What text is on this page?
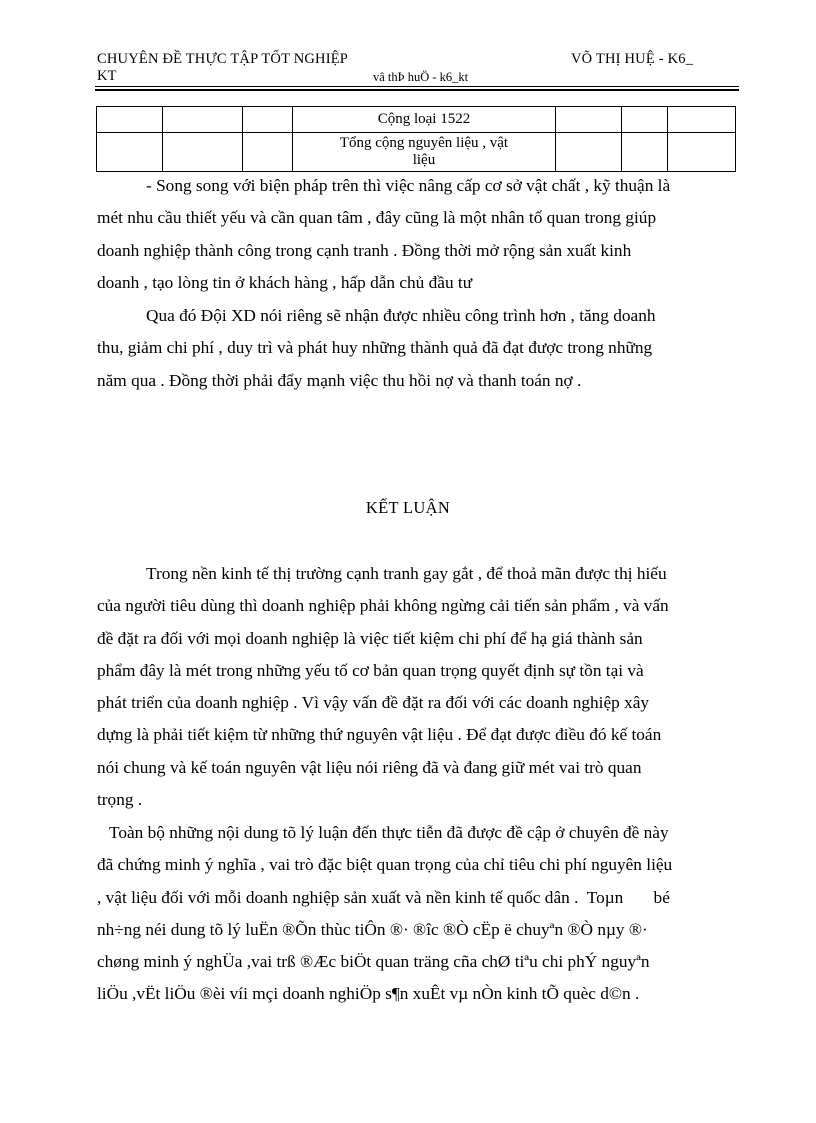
CHUYÊN ĐỀ THỰC TẬP TỐT NGHIỆP	VÕ THỊ HUỆ - K6_
KT	vâ thÞ huÖ - k6_kt
			Cộng loại 1522			

			Tổng cộng nguyên liệu , vật
liệu			

- Song song với biện pháp trên thì việc nâng cấp cơ sở vật chất , kỹ thuận là
mét nhu cầu thiết yếu và cần quan tâm , đây cũng là một nhân tố quan trong giúp
doanh nghiệp thành công trong cạnh tranh . Đồng thời mở rộng sản xuất kinh
doanh , tạo lòng tin ở khách hàng , hấp dẫn chủ đầu tư
Qua đó Đội XD nói riêng sẽ nhận được nhiều công trình hơn , tăng doanh
thu, giảm chi phí , duy trì và phát huy những thành quả đã đạt được trong những
năm qua . Đồng thời phải đẩy mạnh việc thu hồi nợ và thanh toán nợ .
KẾT LUẬN
Trong nền kinh tế thị trường cạnh tranh gay gắt , để thoả mãn được thị hiếu
của người tiêu dùng thì doanh nghiệp phải không ngừng cải tiến sản phẩm , và vấn
đề đặt ra đối với mọi doanh nghiệp là việc tiết kiệm chi phí để hạ giá thành sản
phẩm đây là mét trong những yếu tố cơ bản quan trọng quyết định sự tồn tại và
phát triển của doanh nghiệp . Vì vậy vấn đề đặt ra đối với các doanh nghiệp xây
dựng là phải tiết kiệm từ những thứ nguyên vật liệu . Để đạt được điều đó kế toán
nói chung và kế toán nguyên vật liệu nói riêng đã và đang giữ mét vai trò quan
trọng .
Toàn bộ những nội dung tõ lý luận đến thực tiễn đã được đề cập ở chuyên đề này
đã chứng minh ý nghĩa , vai trò đặc biệt quan trọng của chỉ tiêu chi phí nguyên liệu
, vật liệu đối với mỗi doanh nghiệp sản xuất và nền kinh tế quốc dân .  Toµn       bé
nh÷ng néi dung tõ lý luËn ®Õn thùc tiÔn ®· ®îc ®Ò cËp ë chuyªn ®Ò nµy ®·
chøng minh ý nghÜa ,vai trß ®Æc biÖt quan träng cña chØ tiªu chi phÝ nguyªn
liÖu ,vËt liÖu ®èi víi mçi doanh nghiÖp s¶n xuÊt vµ nÒn kinh tÕ quèc d©n .
